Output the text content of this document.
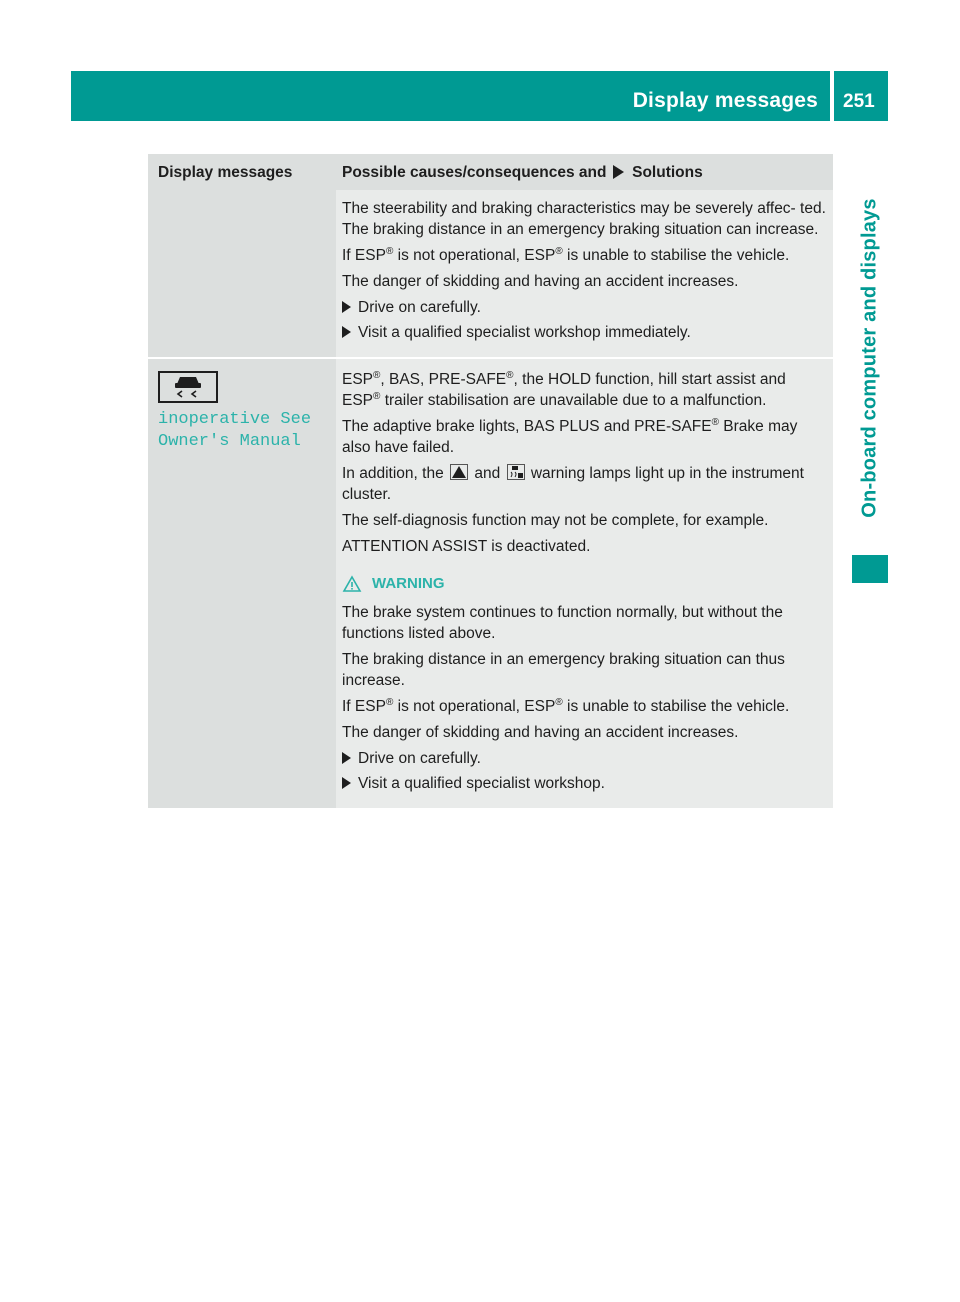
Display messages 251
On-board computer and displays
Display messages	Possible causes/consequences and Solutions

The steerability and braking characteristics may be severely affec- ted. The braking distance in an emergency braking situation can increase.

If ESP® is not operational, ESP® is unable to stabilise the vehicle.

The danger of skidding and having an accident increases.

Drive on carefully.

Visit a qualified specialist workshop immediately.

inoperative See
Owner's Manual

ESP®, BAS, PRE-SAFE®, the HOLD function, hill start assist and
ESP® trailer stabilisation are unavailable due to a malfunction.

The adaptive brake lights, BAS PLUS and PRE-SAFE® Brake may also have failed.

In addition, the and warning lamps light up in the instrument cluster.

The self-diagnosis function may not be complete, for example.

ATTENTION ASSIST is deactivated.

WARNING

The brake system continues to function normally, but without the functions listed above.

The braking distance in an emergency braking situation can thus increase.

If ESP® is not operational, ESP® is unable to stabilise the vehicle.

The danger of skidding and having an accident increases.

Drive on carefully.

Visit a qualified specialist workshop.
